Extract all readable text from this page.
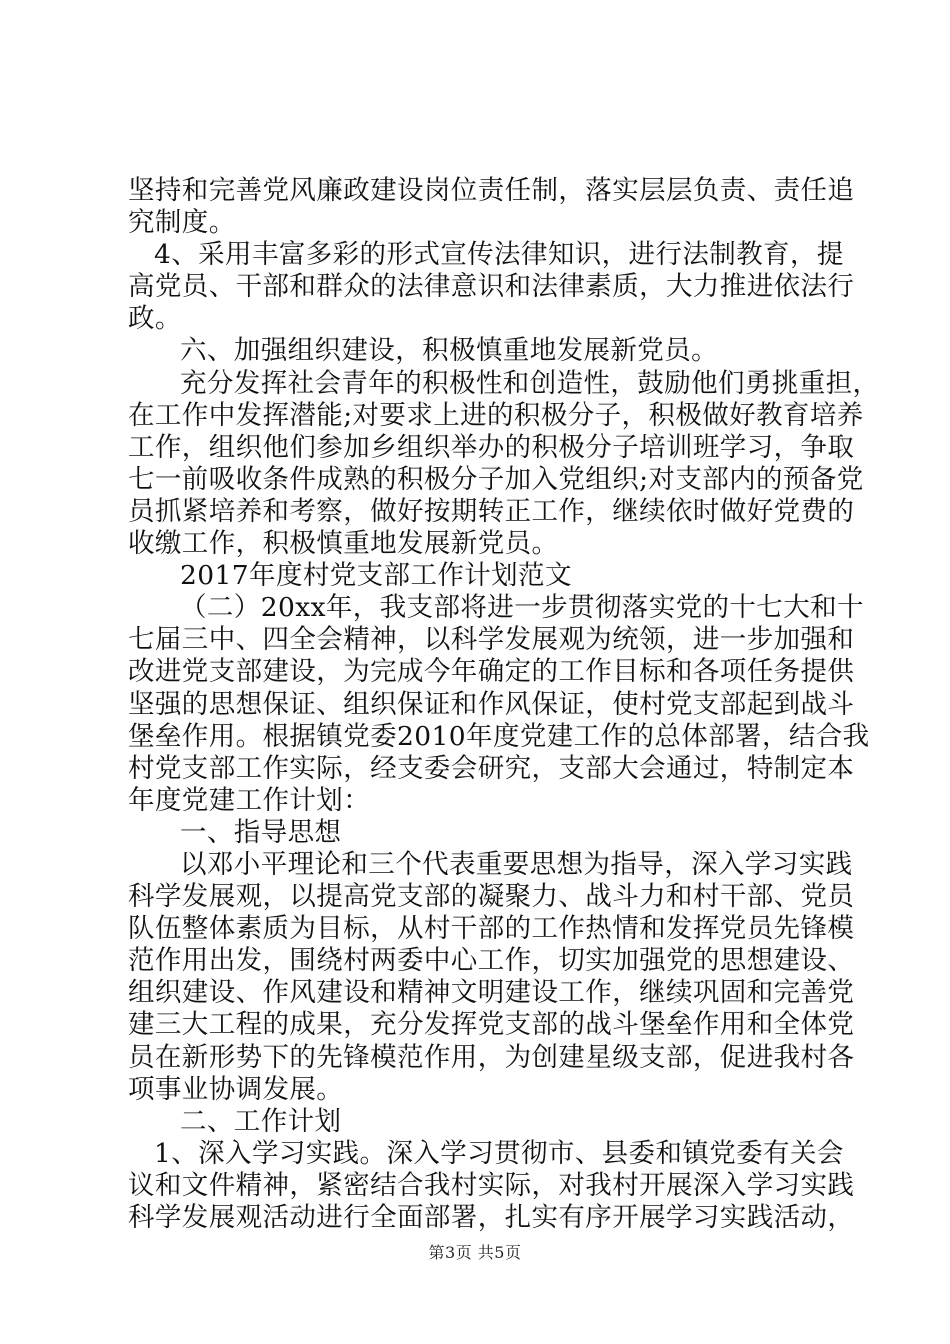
坚持和完善党风廉政建设岗位责任制，落实层层负责、责任追

究制度。

4、采用丰富多彩的形式宣传法律知识，进行法制教育，提

高党员、干部和群众的法律意识和法律素质，大力推进依法行

政。

六、加强组织建设，积极慎重地发展新党员。

充分发挥社会青年的积极性和创造性，鼓励他们勇挑重担，

在工作中发挥潜能;对要求上进的积极分子，积极做好教育培养

工作，组织他们参加乡组织举办的积极分子培训班学习，争取

七一前吸收条件成熟的积极分子加入党组织;对支部内的预备党

员抓紧培养和考察，做好按期转正工作，继续依时做好党费的

收缴工作，积极慎重地发展新党员。

2017年度村党支部工作计划范文

（二）20xx年，我支部将进一步贯彻落实党的十七大和十

七届三中、四全会精神，以科学发展观为统领，进一步加强和

改进党支部建设，为完成今年确定的工作目标和各项任务提供

坚强的思想保证、组织保证和作风保证，使村党支部起到战斗

堡垒作用。根据镇党委2010年度党建工作的总体部署，结合我

村党支部工作实际，经支委会研究，支部大会通过，特制定本

年度党建工作计划：

一、指导思想

以邓小平理论和三个代表重要思想为指导，深入学习实践

科学发展观，以提高党支部的凝聚力、战斗力和村干部、党员

队伍整体素质为目标，从村干部的工作热情和发挥党员先锋模

范作用出发，围绕村两委中心工作，切实加强党的思想建设、

组织建设、作风建设和精神文明建设工作，继续巩固和完善党

建三大工程的成果，充分发挥党支部的战斗堡垒作用和全体党

员在新形势下的先锋模范作用，为创建星级支部，促进我村各

项事业协调发展。

二、工作计划

1、深入学习实践。深入学习贯彻市、县委和镇党委有关会

议和文件精神，紧密结合我村实际，对我村开展深入学习实践

科学发展观活动进行全面部署，扎实有序开展学习实践活动，

第3页 共5页
